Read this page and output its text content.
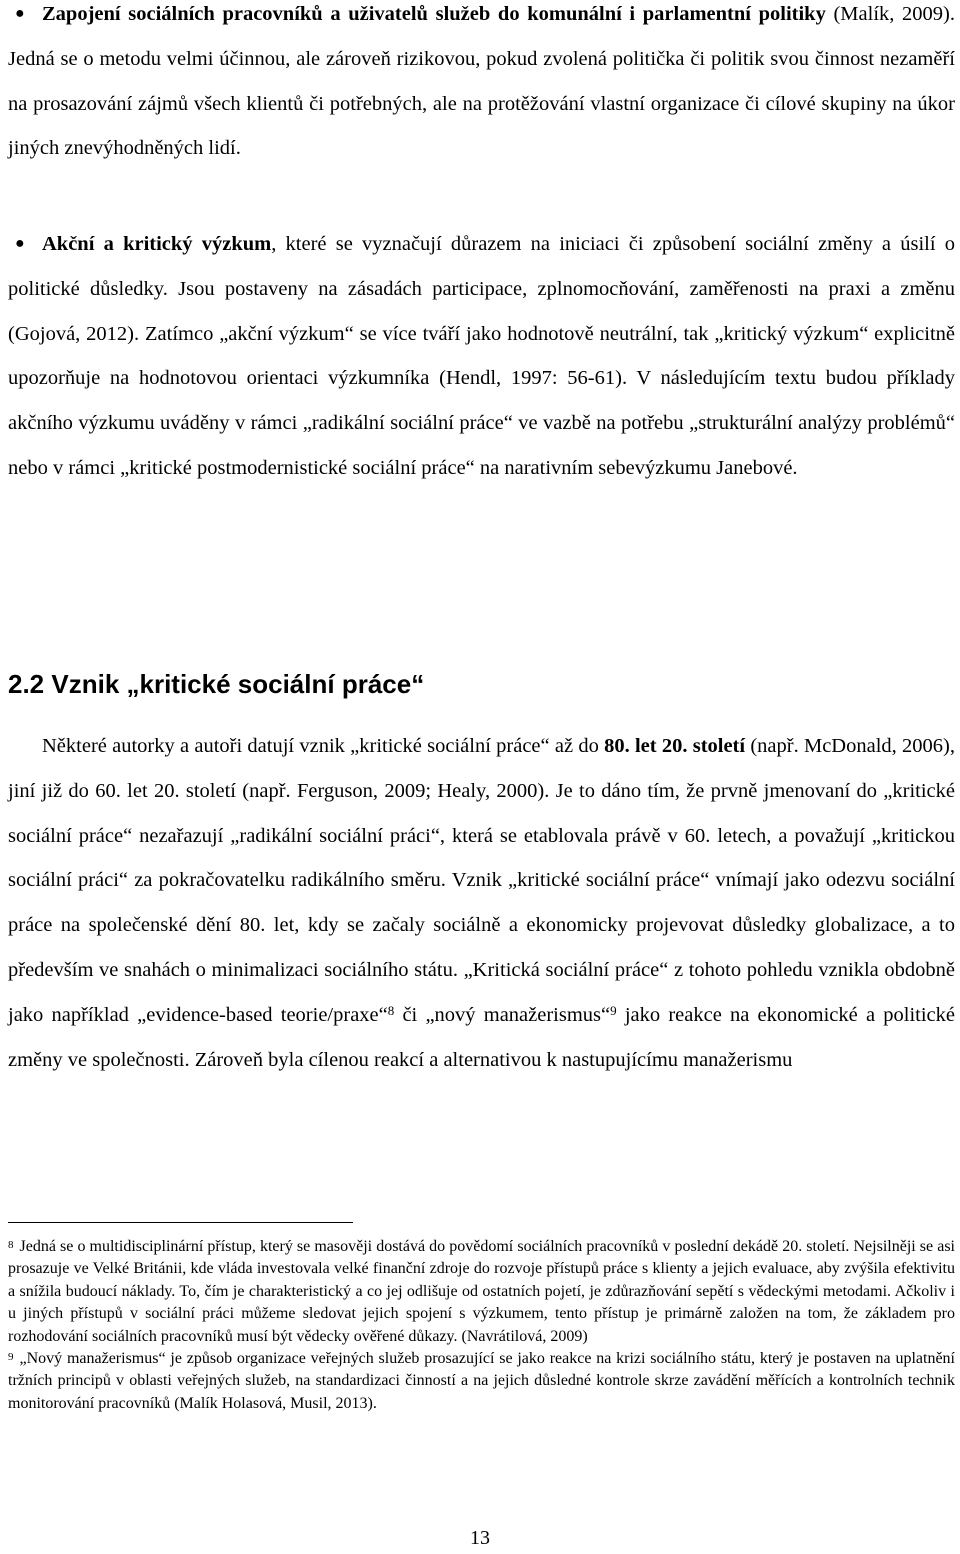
● Zapojení sociálních pracovníků a uživatelů služeb do komunální i parlamentní politiky (Malík, 2009). Jedná se o metodu velmi účinnou, ale zároveň rizikovou, pokud zvolená politička či politik svou činnost nezaměří na prosazování zájmů všech klientů či potřebných, ale na protěžování vlastní organizace či cílové skupiny na úkor jiných znevýhodněných lidí.

● Akční a kritický výzkum, které se vyznačují důrazem na iniciaci či způsobení sociální změny a úsilí o politické důsledky. Jsou postaveny na zásadách participace, zplnomocňování, zaměřenosti na praxi a změnu (Gojová, 2012). Zatímco „akční výzkum“ se více tváří jako hodnotově neutrální, tak „kritický výzkum“ explicitně upozorňuje na hodnotovou orientaci výzkumníka (Hendl, 1997: 56-61). V následujícím textu budou příklady akčního výzkumu uváděny v rámci „radikální sociální práce“ ve vazbě na potřebu „strukturální analýzy problémů“ nebo v rámci „kritické postmodernistické sociální práce“ na narativním sebevýzkumu Janebové.

2.2 Vznik „kritické sociální práce“

Některé autorky a autoři datují vznik „kritické sociální práce“ až do 80. let 20. století (např. McDonald, 2006), jiní již do 60. let 20. století (např. Ferguson, 2009; Healy, 2000). Je to dáno tím, že prvně jmenovaní do „kritické sociální práce“ nezařazují „radikální sociální práci“, která se etablovala právě v 60. letech, a považují „kritickou sociální práci“ za pokračovatelku radikálního směru. Vznik „kritické sociální práce“ vnímají jako odezvu sociální práce na společenské dění 80. let, kdy se začaly sociálně a ekonomicky projevovat důsledky globalizace, a to především ve snahách o minimalizaci sociálního státu. „Kritická sociální práce“ z tohoto pohledu vznikla obdobně jako například „evidence-based teorie/praxe“$^8$ či „nový manažerismus“$^9$ jako reakce na ekonomické a politické změny ve společnosti. Zároveň byla cílenou reakcí a alternativou k nastupujícímu manažerismu

$^8$ Jedná se o multidisciplinární přístup, který se masověji dostává do povědomí sociálních pracovníků v poslední dekádě 20. století. Nejsilněji se asi prosazuje ve Velké Británii, kde vláda investovala velké finanční zdroje do rozvoje přístupů práce s klienty a jejich evaluace, aby zvýšila efektivitu a snížila budoucí náklady. To, čím je charakteristický a co jej odlišuje od ostatních pojetí, je zdůrazňování sepětí s vědeckými metodami. Ačkoliv i u jiných přístupů v sociální práci můžeme sledovat jejich spojení s výzkumem, tento přístup je primárně založen na tom, že základem pro rozhodování sociálních pracovníků musí být vědecky ověřené důkazy. (Navrátilová, 2009)

$^9$ „Nový manažerismus“ je způsob organizace veřejných služeb prosazující se jako reakce na krizi sociálního státu, který je postaven na uplatnění tržních principů v oblasti veřejných služeb, na standardizaci činností a na jejich důsledné kontrole skrze zavádění měřících a kontrolních technik monitorování pracovníků (Malík Holasová, Musil, 2013).

13
